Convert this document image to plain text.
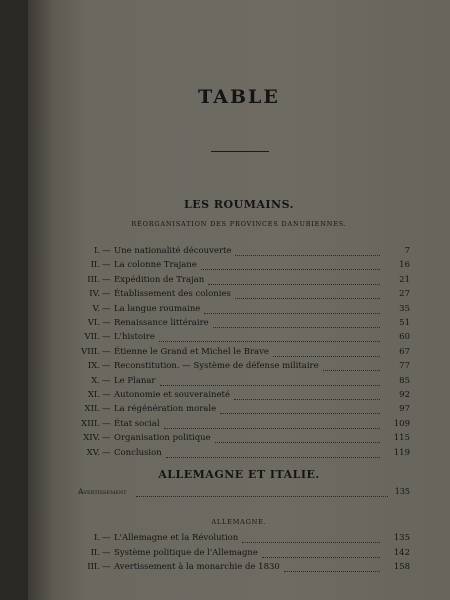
TABLE
LES ROUMAINS.
RÉORGANISATION DES PROVINCES DANUBIENNES.
I. — Une nationalité découverte	7
II. — La colonne Trajane	16
III. — Expédition de Trajan	21
IV. — Établissement des colonies	27
V. — La langue roumaine	35
VI. — Renaissance littéraire	51
VII. — L'histoire	60
VIII. — Étienne le Grand et Michel le Brave	67
IX. — Reconstitution. — Système de défense militaire	77
X. — Le Planar	85
XI. — Autonomie et souveraineté	92
XII. — La régénération morale	97
XIII. — État social	109
XIV. — Organisation politique	115
XV. — Conclusion	119
ALLEMAGNE ET ITALIE.
Avertissement	135
ALLEMAGNE.
I. — L'Allemagne et la Révolution	135
II. — Système politique de l'Allemagne	142
III. — Avertissement à la monarchie de 1830	158
